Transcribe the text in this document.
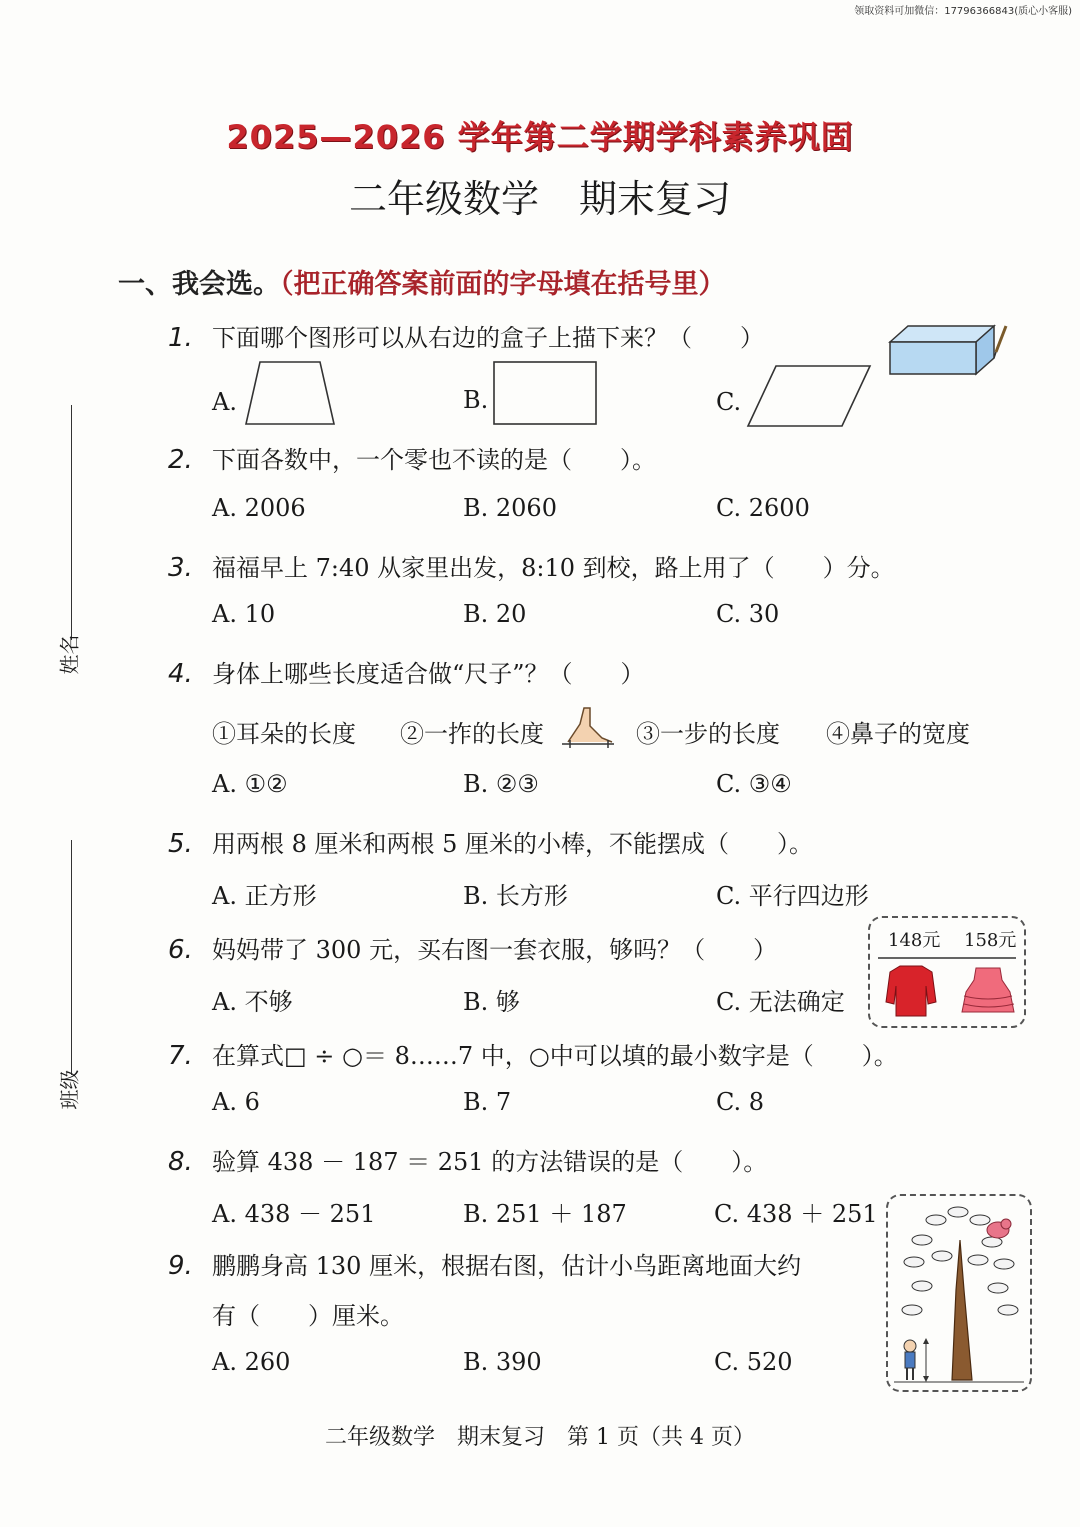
领取资料可加微信：17796366843(质心小客服)
2025—2026 学年第二学期学科素养巩固
二年级数学 期末复习
姓名
班级
一、我会选。（把正确答案前面的字母填在括号里）
1. 下面哪个图形可以从右边的盒子上描下来？（　　）
A.	B.	C.
2. 下面各数中，一个零也不读的是（　　）。
A. 2006	B. 2060	C. 2600
3. 福福早上 7:40 从家里出发，8:10 到校，路上用了（　　）分。
A. 10	B. 20	C. 30
4. 身体上哪些长度适合做“尺子”？（　　）
①耳朵的长度 ②一拃的长度	③一步的长度 ④鼻子的宽度
A. ①②	B. ②③	C. ③④
5. 用两根 8 厘米和两根 5 厘米的小棒，不能摆成（　　）。
A. 正方形	B. 长方形	C. 平行四边形
6. 妈妈带了 300 元，买右图一套衣服，够吗？（　　）
A. 不够	B. 够	C. 无法确定
148元 158元
7. 在算式□ ÷ ○＝ 8……7 中，○中可以填的最小数字是（　　）。
A. 6	B. 7	C. 8
8. 验算 438 － 187 ＝ 251 的方法错误的是（　　）。
A. 438 － 251	B. 251 ＋ 187	C. 438 ＋ 251
9. 鹏鹏身高 130 厘米，根据右图，估计小鸟距离地面大约
有（　　）厘米。
A. 260	B. 390	C. 520
二年级数学 期末复习 第 1 页（共 4 页）
